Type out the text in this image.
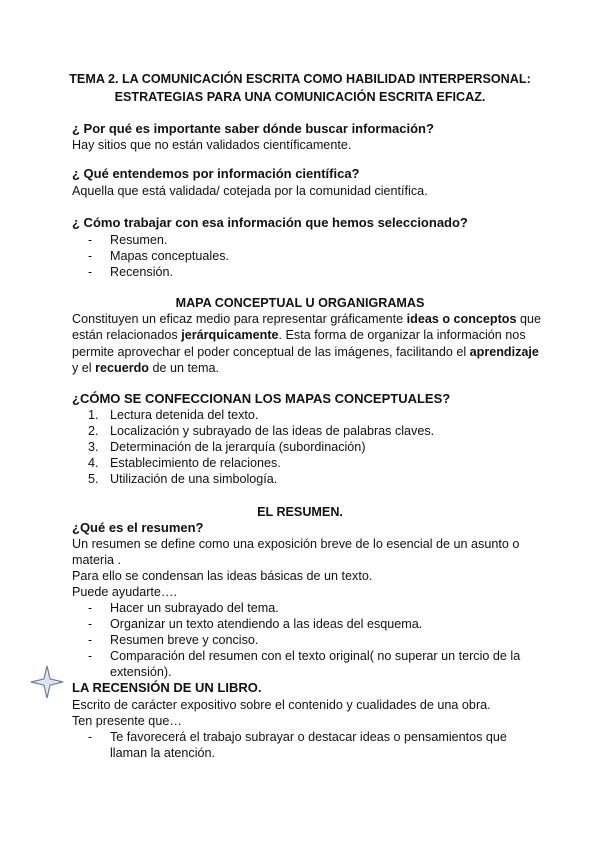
TEMA 2. LA COMUNICACIÓN ESCRITA COMO HABILIDAD INTERPERSONAL:
ESTRATEGIAS PARA UNA COMUNICACIÓN ESCRITA EFICAZ.
¿ Por qué es importante saber dónde buscar información?
Hay sitios que no están validados científicamente.
¿ Qué entendemos por información científica?
Aquella que está validada/ cotejada por la comunidad científica.
¿ Cómo trabajar con esa información que hemos seleccionado?
- Resumen.
- Mapas conceptuales.
- Recensión.
MAPA CONCEPTUAL U ORGANIGRAMAS
Constituyen un eficaz medio para representar gráficamente ideas o conceptos que
están relacionados jerárquicamente. Esta forma de organizar la información nos
permite aprovechar el poder conceptual de las imágenes, facilitando el aprendizaje
y el recuerdo de un tema.
¿CÓMO SE CONFECCIONAN LOS MAPAS CONCEPTUALES?
1. Lectura detenida del texto.
2. Localización y subrayado de las ideas de palabras claves.
3. Determinación de la jerarquía (subordinación)
4. Establecimiento de relaciones.
5. Utilización de una simbología.
EL RESUMEN.
¿Qué es el resumen?
Un resumen se define como una exposición breve de lo esencial de un asunto o
materia .
Para ello se condensan las ideas básicas de un texto.
Puede ayudarte….
- Hacer un subrayado del tema.
- Organizar un texto atendiendo a las ideas del esquema.
- Resumen breve y conciso.
- Comparación del resumen con el texto original( no superar un tercio de la
extensión).
LA RECENSIÓN DE UN LIBRO.
Escrito de carácter expositivo sobre el contenido y cualidades de una obra.
Ten presente que…
- Te favorecerá el trabajo subrayar o destacar ideas o pensamientos que
llaman la atención.
